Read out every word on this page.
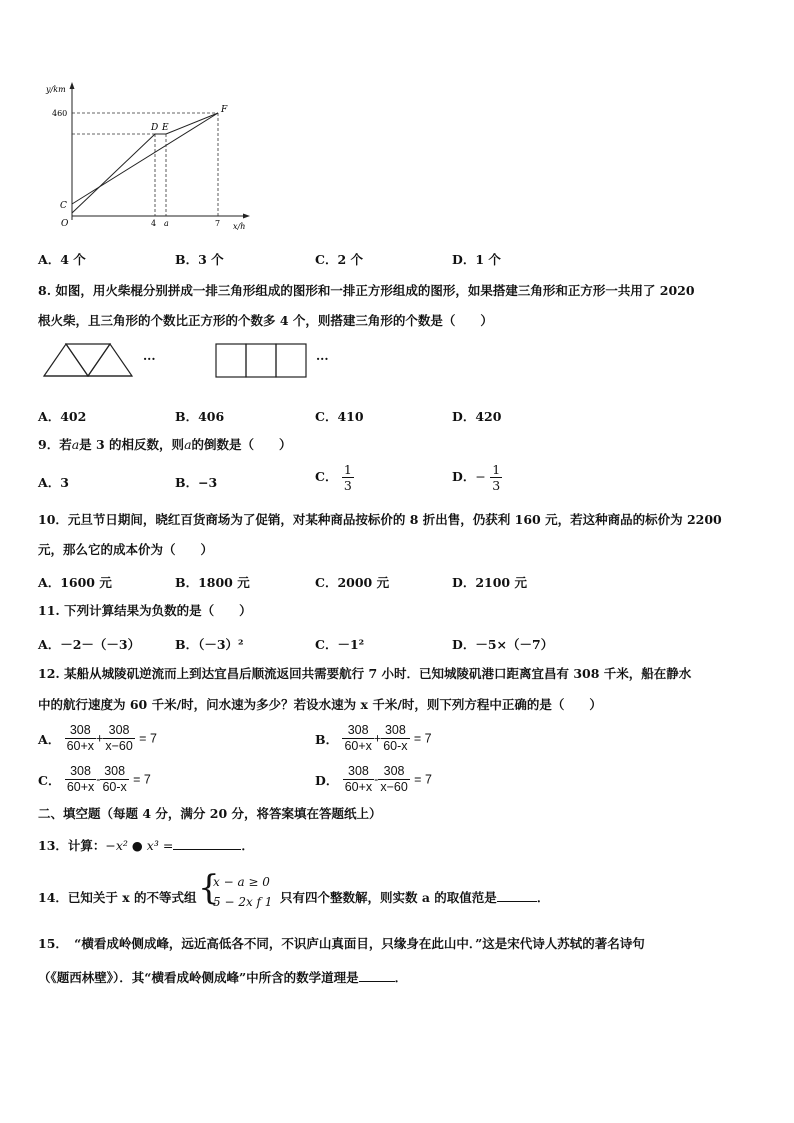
y/km
460
C
O
D E
F
4 a	7 x/h
A．4 个	B．3 个	C．2 个	D．1 个
8. 如图，用火柴棍分别拼成一排三角形组成的图形和一排正方形组成的图形，如果搭建三角形和正方形一共用了 2020
根火柴，且三角形的个数比正方形的个数多 4 个，则搭建三角形的个数是（　　）
···	···
A．402	B．406	C．410	D．420
9．若a是 3 的相反数，则a的倒数是（　　）
A．3	B．−3	C． $\frac{1}{3}$	D．− $\frac{1}{3}$
10．元旦节日期间，晓红百货商场为了促销，对某种商品按标价的 8 折出售，仍获利 160 元，若这种商品的标价为 2200
元，那么它的成本价为（　　）
A．1600 元	B．1800 元	C．2000 元	D．2100 元
11. 下列计算结果为负数的是（　　）
A．－2－（－3）	B．（－3）²	C．－1²	D．－5×（－7）
12. 某船从城陵矶逆流而上到达宜昌后顺流返回共需要航行 7 小时．已知城陵矶港口距离宜昌有 308 千米，船在静水
中的航行速度为 60 千米/时，问水速为多少？若设水速为 x 千米/时，则下列方程中正确的是（　　）
A． $\frac{308}{60+x} + \frac{308}{x-60} = 7$	B． $\frac{308}{60+x} + \frac{308}{60-x} = 7$
C． $\frac{308}{60+x} - \frac{308}{60-x} = 7$	D． $\frac{308}{60+x} - \frac{308}{x-60} = 7$
二、填空题（每题 4 分，满分 20 分，将答案填在答题纸上）
13．计算：−x² ● x³ =	．
14．已知关于 x 的不等式组 {
x − a ≥ 0
5 − 2x f 1 只有四个整数解，则实数 a 的取值范是	．
15．　“横看成岭侧成峰，远近高低各不同，不识庐山真面目，只缘身在此山中．”这是宋代诗人苏轼的著名诗句
（《题西林壁》）．其“横看成岭侧成峰”中所含的数学道理是	．
